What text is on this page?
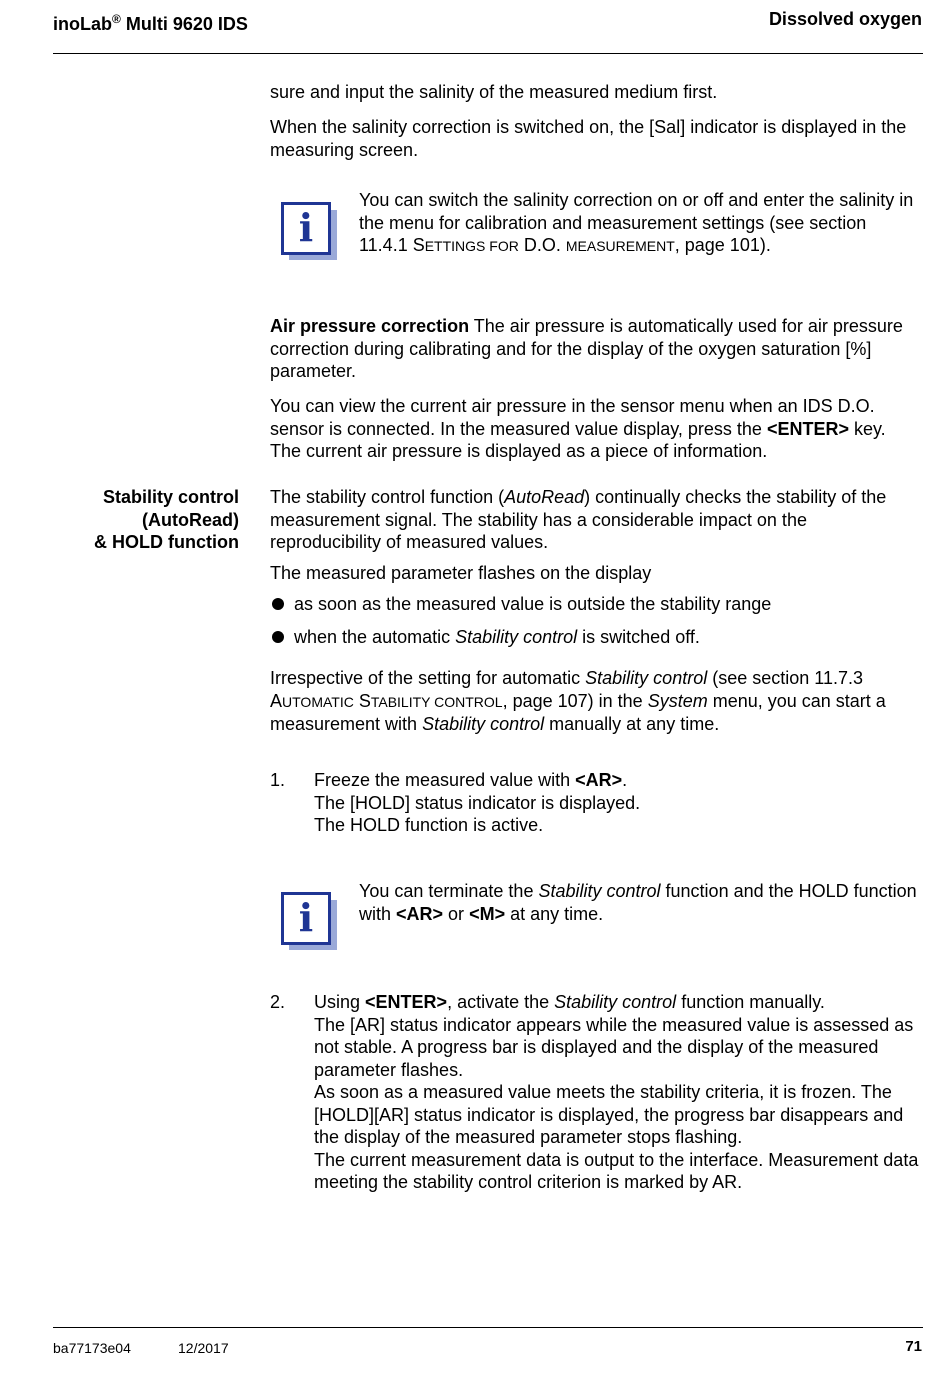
inoLab® Multi 9620 IDS	Dissolved oxygen

sure and input the salinity of the measured medium first.

When the salinity correction is switched on, the [Sal] indicator is displayed in the measuring screen.

i

You can switch the salinity correction on or off and enter the salinity in the menu for calibration and measurement settings (see section 11.4.1 SETTINGS FOR D.O. MEASUREMENT, page 101).

Air pressure correction The air pressure is automatically used for air pressure correction during calibrating and for the display of the oxygen saturation [%] parameter.

You can view the current air pressure in the sensor menu when an IDS D.O. sensor is connected. In the measured value display, press the <ENTER> key. The current air pressure is displayed as a piece of information.

Stability control
(AutoRead)
& HOLD function

The stability control function (AutoRead) continually checks the stability of the measurement signal. The stability has a considerable impact on the reproducibility of measured values.

The measured parameter flashes on the display

as soon as the measured value is outside the stability range
when the automatic Stability control is switched off.

Irrespective of the setting for automatic Stability control (see section 11.7.3 AUTOMATIC STABILITY CONTROL, page 107) in the System menu, you can start a measurement with Stability control manually at any time.

1. Freeze the measured value with <AR>.
The [HOLD] status indicator is displayed.
The HOLD function is active.
i

You can terminate the Stability control function and the HOLD function with <AR> or <M> at any time.

2. Using <ENTER>, activate the Stability control function manually.
The [AR] status indicator appears while the measured value is assessed as not stable. A progress bar is displayed and the display of the measured parameter flashes.
As soon as a measured value meets the stability criteria, it is frozen. The [HOLD][AR] status indicator is displayed, the progress bar disappears and the display of the measured parameter stops flashing.
The current measurement data is output to the interface. Measurement data meeting the stability control criterion is marked by AR.
ba77173e04	12/2017	71
